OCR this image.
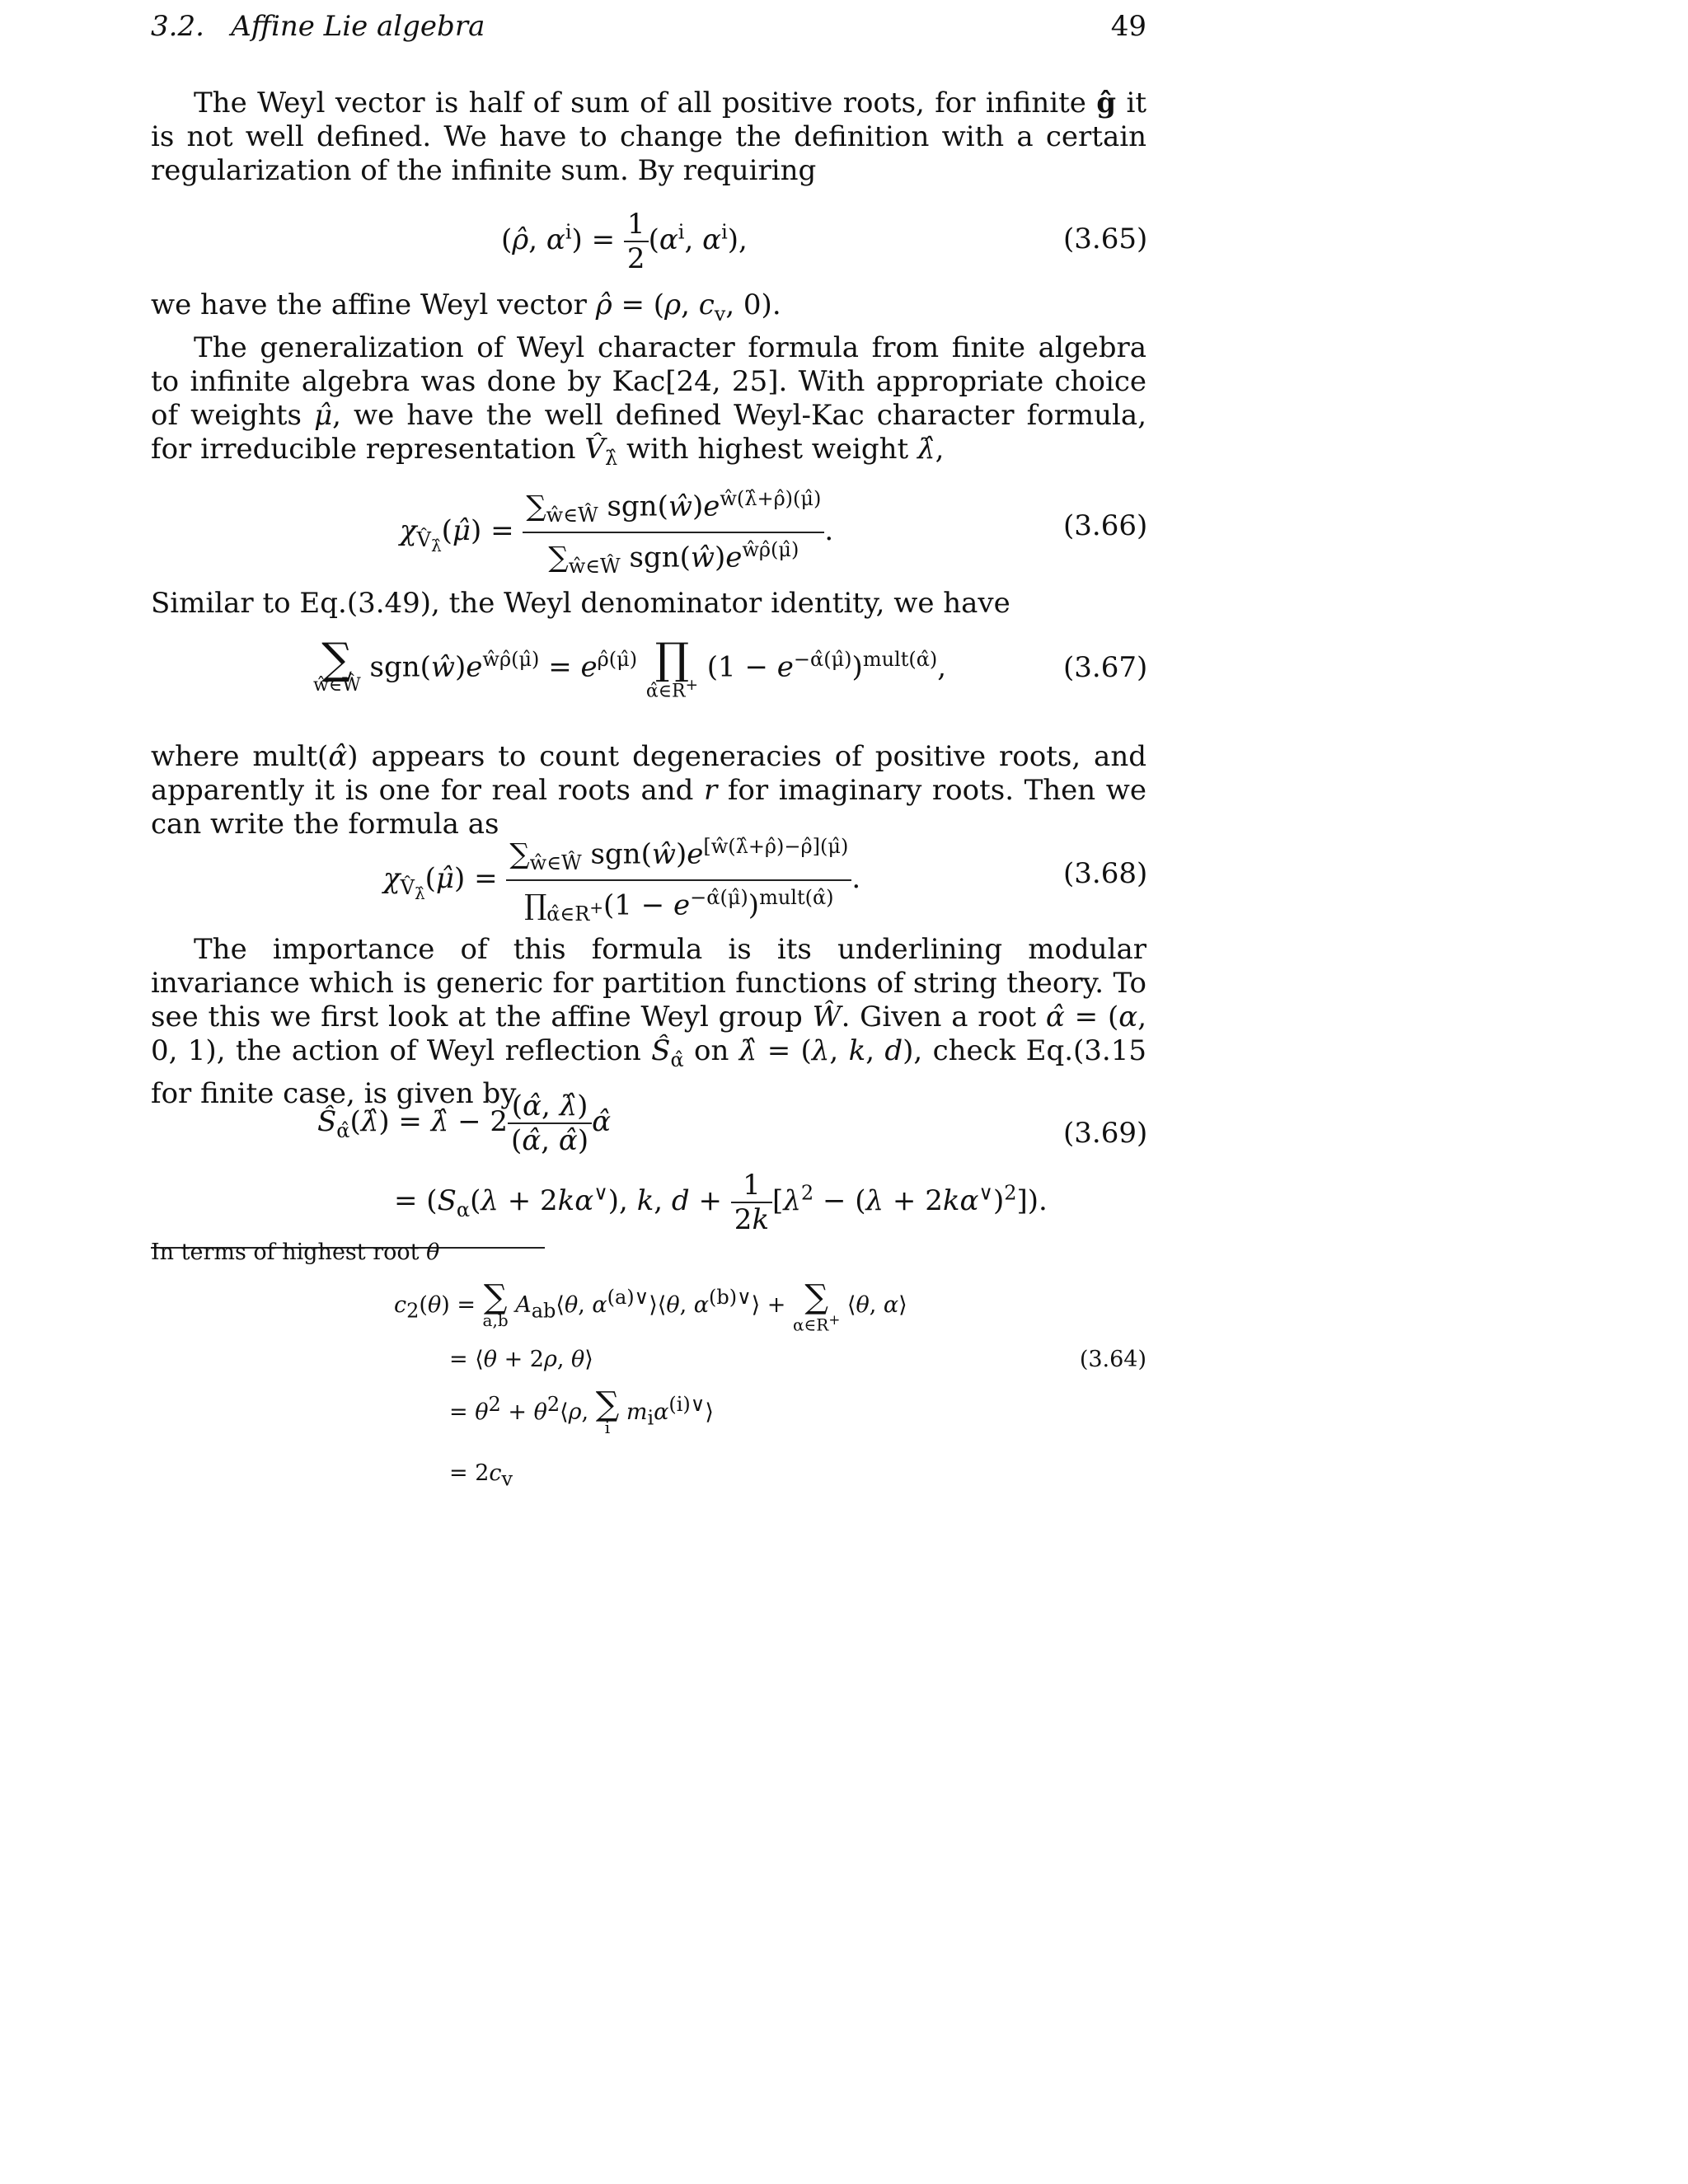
3.2.   Affine Lie algebra	49

The Weyl vector is half of sum of all positive roots, for infinite ĝ it is not well defined. We have to change the definition with a certain regularization of the infinite sum. By requiring

(ρ̂, $\alpha^i) = \frac{1}{2} (\alpha^i$, $\alpha^i$),	(3.65)

we have the affine Weyl vector ρ̂ = (ρ, $c_v$, 0).

The generalization of Weyl character formula from finite algebra to infinite algebra was done by Kac[24, 25]. With appropriate choice of weights μ̂, we have the well defined Weyl-Kac character formula, for irreducible representation $V̂_{\lambdâ}$ with highest weight λ̂,

$\chi_{V̂_{\lambdâ}}(\mû) = \frac{\sum_{ŵ\in Ŵ} sgn(ŵ)e^{ŵ(\lambdâ+\rhô)(\mû)}}{\sum_{ŵ\in Ŵ} sgn(ŵ)e^{ŵ\rhô(\mû)}}$ .	(3.66)

Similar to Eq.(3.49), the Weyl denominator identity, we have

∑
ŵ∈Ŵ
$sgn(ŵ)e^{ŵ\rhô(\mû)} = e^{\rhô(\mû)}$ ∏
α̂∈R+
$(1 - e^{-\alphâ(\mû)})^{mult(\alphâ)}$,	(3.67)

where mult(α̂) appears to count degeneracies of positive roots, and apparently it is one for real roots and r for imaginary roots. Then we can write the formula as

$\chi_{V̂_{\lambdâ}}(\mû) = \frac{\sum_{ŵ\in Ŵ} sgn(ŵ)e^{[ŵ(\lambdâ+\rhô)-\rhô](\mû)}}{\prod_{\alphâ\in R^+}(1 - e^{-\alphâ(\mû)})^{mult(\alphâ)}}$ .	(3.68)

The importance of this formula is its underlining modular invariance which is generic for partition functions of string theory. To see this we first look at the affine Weyl group Ŵ. Given a root α̂ = (α, 0, 1), the action of Weyl reflection $Ŝ_{\alphâ}$ on λ̂ = (λ, k, d), check Eq.(3.15 for finite case, is given by

$Ŝ_{\alphâ}(\lambdâ)$ = λ̂ − $2 \frac{(\alphâ, \lambdâ)}{(\alphâ, \alphâ)}$ α̂	(3.69)
= ($S_\alpha(\lambda + 2k\alpha^\vee)$, k, $d + \frac{1}{2k} [\lambda^2 - (\lambda + 2k\alpha^\vee)^2]$).
In terms of highest root θ
c2(θ) = ∑
a,b
Aab⟨θ, α(a)∨⟩⟨θ, α(b)∨⟩ + ∑
α∈R+
⟨θ, α⟩
= ⟨θ + 2ρ, θ⟩	(3.64)
= θ2 + θ2⟨ρ, ∑
i
miα(i)∨⟩
= 2cv
